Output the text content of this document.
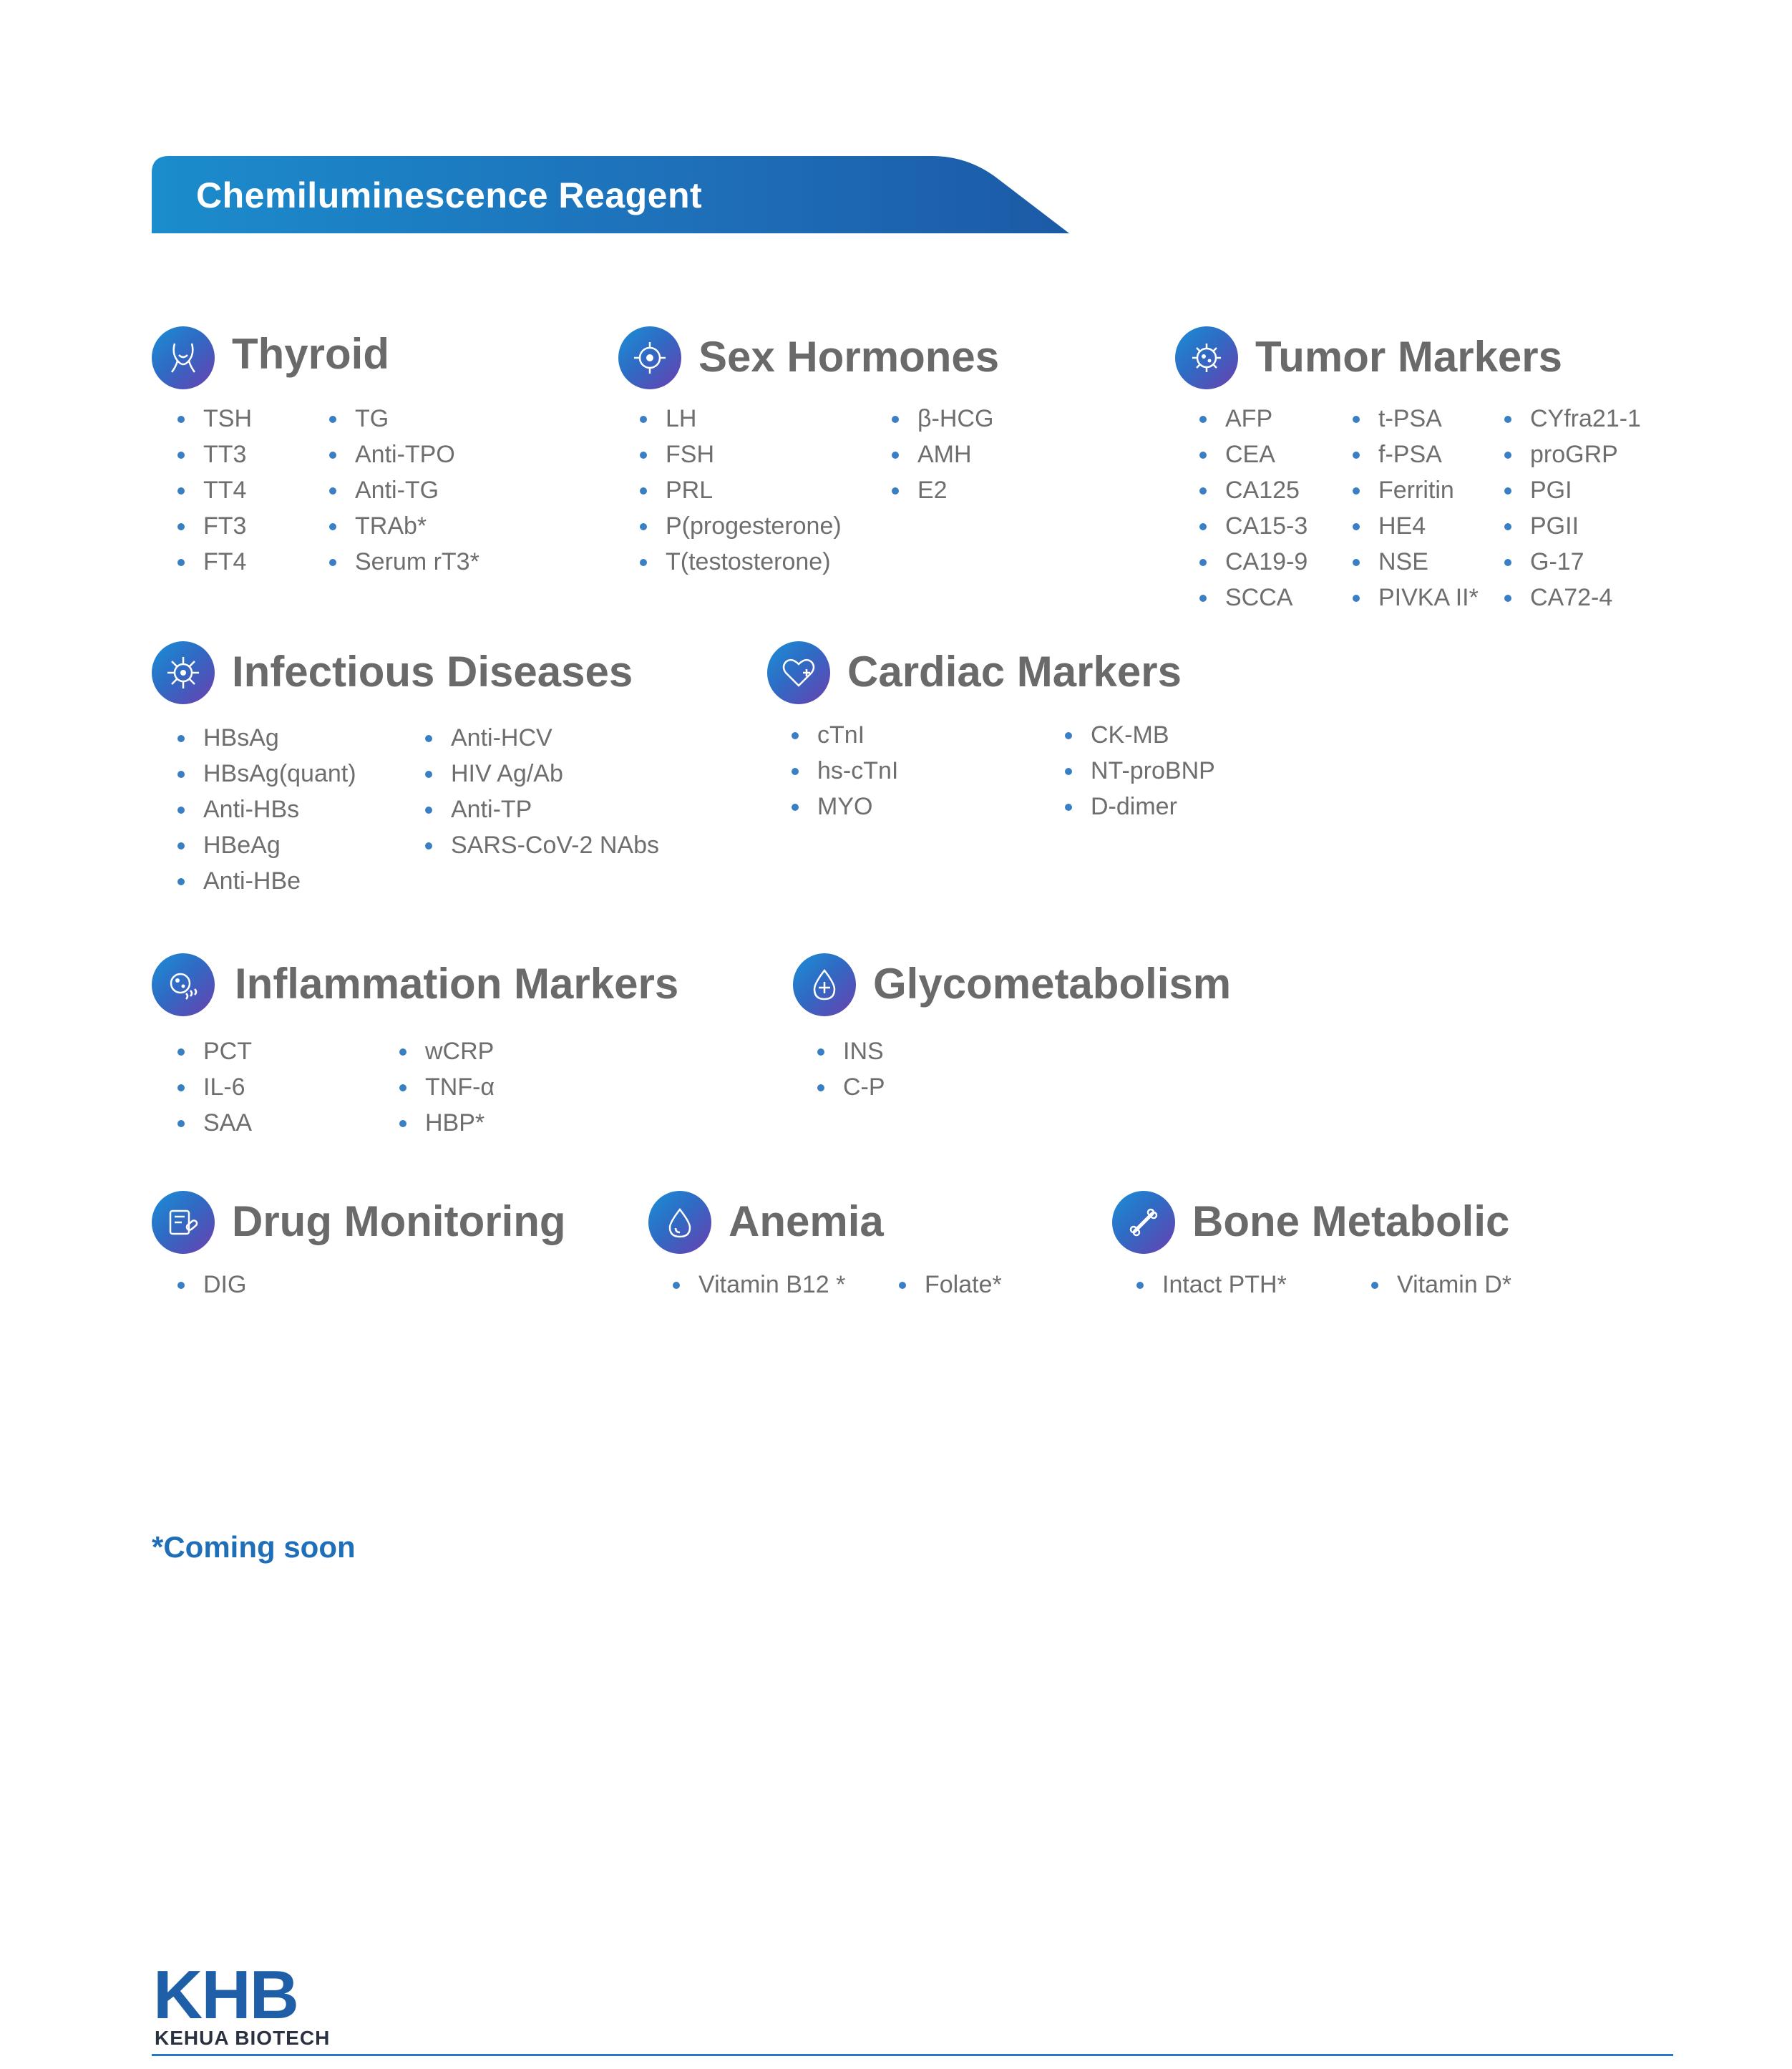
Chemiluminescence Reagent
Thyroid
TSH
TT3
TT4
FT3
FT4
TG
Anti-TPO
Anti-TG
TRAb*
Serum rT3*
Sex Hormones
LH
FSH
PRL
P(progesterone)
T(testosterone)
β-HCG
AMH
E2
Tumor Markers
AFP
CEA
CA125
CA15-3
CA19-9
SCCA
t-PSA
f-PSA
Ferritin
HE4
NSE
PIVKA II*
CYfra21-1
proGRP
PGI
PGII
G-17
CA72-4
Infectious Diseases
HBsAg
HBsAg(quant)
Anti-HBs
HBeAg
Anti-HBe
Anti-HCV
HIV Ag/Ab
Anti-TP
SARS-CoV-2 NAbs
Cardiac Markers
cTnI
hs-cTnI
MYO
CK-MB
NT-proBNP
D-dimer
Inflammation Markers
PCT
IL-6
SAA
wCRP
TNF-α
HBP*
Glycometabolism
INS
C-P
Drug Monitoring
DIG
Anemia
Vitamin B12 *	Folate*
Bone Metabolic
Intact PTH*	Vitamin D*
*Coming soon
KHB
KEHUA BIOTECH
